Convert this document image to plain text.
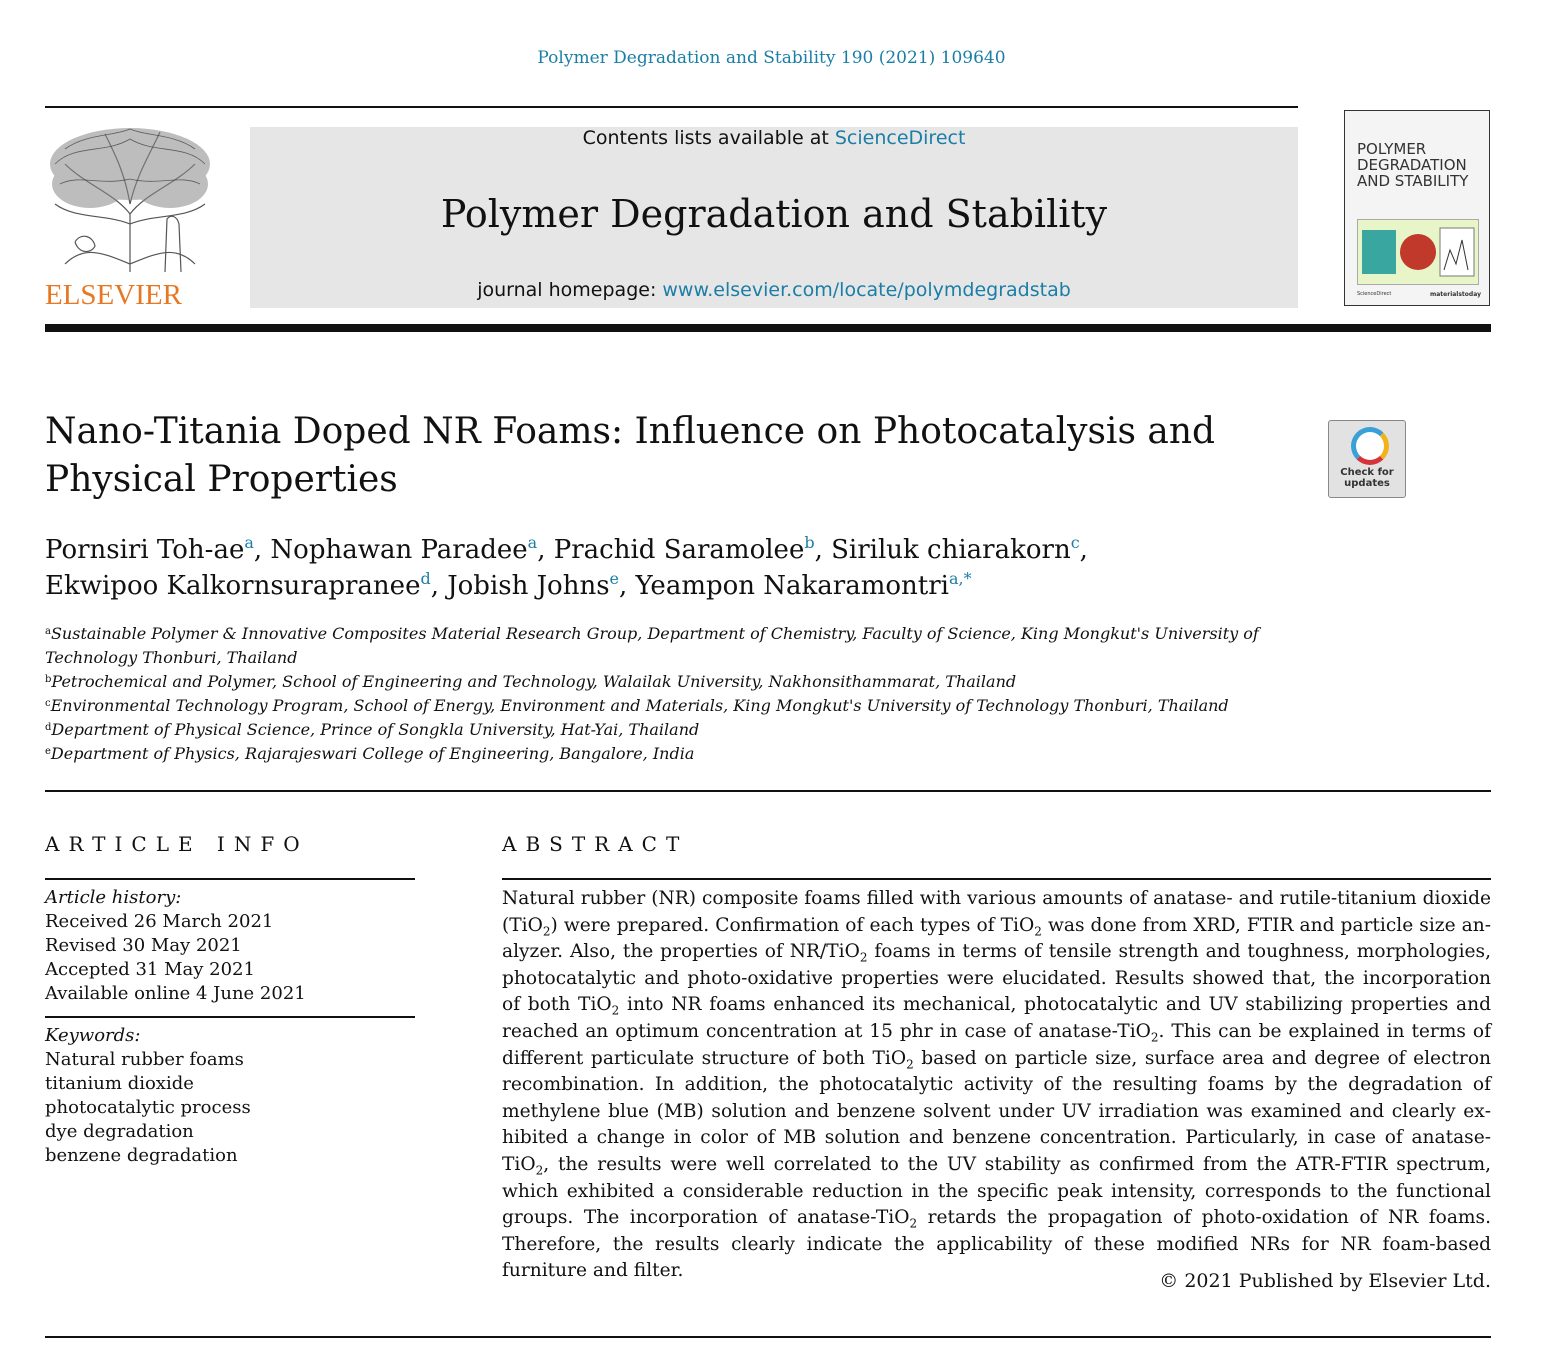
Polymer Degradation and Stability 190 (2021) 109640
ELSEVIER
Contents lists available at ScienceDirect
Polymer Degradation and Stability
journal homepage: www.elsevier.com/locate/polymdegradstab
POLYMER DEGRADATION AND STABILITY
ScienceDirect	materialstoday
Nano-Titania Doped NR Foams: Influence on Photocatalysis and Physical Properties	Check for updates
Pornsiri Toh-$ae^a$, Nophawan Paradee$^a$, Prachid Saramolee$^b$, Siriluk chiarakorn$^c$,
Ekwipoo Kalkornsurapranee$^d$, Jobish Johns$^e$, Yeampon Nakaramontri$^{a,*}$
$^a$Sustainable Polymer & Innovative Composites Material Research Group, Department of Chemistry, Faculty of Science, King Mongkut's University of Technology Thonburi, Thailand
$^b$Petrochemical and Polymer, School of Engineering and Technology, Walailak University, Nakhonsithammarat, Thailand
$^c$Environmental Technology Program, School of Energy, Environment and Materials, King Mongkut's University of Technology Thonburi, Thailand
$^d$Department of Physical Science, Prince of Songkla University, Hat-Yai, Thailand
$^e$Department of Physics, Rajarajeswari College of Engineering, Bangalore, India
ARTICLE INFO
Article history:
Received 26 March 2021
Revised 30 May 2021
Accepted 31 May 2021
Available online 4 June 2021
Keywords:
Natural rubber foams
titanium dioxide
photocatalytic process
dye degradation
benzene degradation
ABSTRACT
Natural rubber (NR) composite foams filled with various amounts of anatase- and rutile-titanium dioxide (TiO$_2$) were prepared. Confirmation of each types of TiO$_2$ was done from XRD, FTIR and particle size analyzer. Also, the properties of NR/TiO$_2$ foams in terms of tensile strength and toughness, morphologies, photocatalytic and photo-oxidative properties were elucidated. Results showed that, the incorporation of both TiO$_2$ into NR foams enhanced its mechanical, photocatalytic and UV stabilizing properties and reached an optimum concentration at 15 phr in case of anatase-TiO$_2$. This can be explained in terms of different particulate structure of both TiO$_2$ based on particle size, surface area and degree of electron recombination. In addition, the photocatalytic activity of the resulting foams by the degradation of methylene blue (MB) solution and benzene solvent under UV irradiation was examined and clearly exhibited a change in color of MB solution and benzene concentration. Particularly, in case of anatase-TiO$_2$, the results were well correlated to the UV stability as confirmed from the ATR-FTIR spectrum, which exhibited a considerable reduction in the specific peak intensity, corresponds to the functional groups. The incorporation of anatase-TiO$_2$ retards the propagation of photo-oxidation of NR foams. Therefore, the results clearly indicate the applicability of these modified NRs for NR foam-based furniture and filter.	© 2021 Published by Elsevier Ltd.
